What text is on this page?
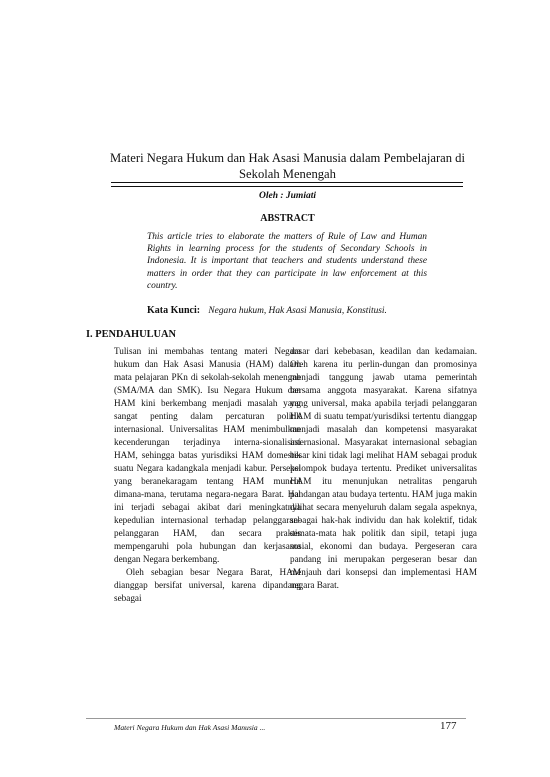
Materi Negara Hukum dan Hak Asasi Manusia dalam Pembelajaran di Sekolah Menengah
Oleh : Jumiati
ABSTRACT
This article tries to elaborate the matters of Rule of Law and Human Rights in learning process for the students of Secondary Schools in Indonesia. It is important that teachers and students understand these matters in order that they can participate in law enforcement at this country.
Kata Kunci: Negara hukum, Hak Asasi Manusia, Konstitusi.
I. PENDAHULUAN

Tulisan ini membahas tentang materi Negara hukum dan Hak Asasi Manusia (HAM) dalam mata pelajaran PKn di sekolah-sekolah menengah (SMA/MA dan SMK). Isu Negara Hukum dan HAM kini berkembang menjadi masalah yang sangat penting dalam percaturan politik internasional. Universalitas HAM menimbulkan kecenderungan terjadinya interna-sionalisasi HAM, sehingga batas yurisdiksi HAM domestik suatu Negara kadangkala menjadi kabur. Persepsi yang beranekaragam tentang HAM muncul dimana-mana, terutama negara-negara Barat. Hal ini terjadi sebagai akibat dari meningkatnya kepedulian internasional terhadap pelanggaran-pelanggaran HAM, dan secara praktis mempengaruhi pola hubungan dan kerjasama dengan Negara berkembang.

Oleh sebagian besar Negara Barat, HAM dianggap bersifat universal, karena dipandang sebagai

dasar dari kebebasan, keadilan dan kedamaian. Oleh karena itu perlin-dungan dan promosinya menjadi tanggung jawab utama pemerintah bersama anggota masyarakat. Karena sifatnya yang universal, maka apabila terjadi pelanggaran HAM di suatu tempat/yurisdiksi tertentu dianggap menjadi masalah dan kompetensi masyarakat internasional. Masyarakat internasional sebagian besar kini tidak lagi melihat HAM sebagai produk kelompok budaya tertentu. Prediket universalitas HAM itu menunjukan netralitas pengaruh pandangan atau budaya tertentu. HAM juga makin dilihat secara menyeluruh dalam segala aspeknya, sebagai hak-hak individu dan hak kolektif, tidak semata-mata hak politik dan sipil, tetapi juga sosial, ekonomi dan budaya. Pergeseran cara pandang ini merupakan pergeseran besar dan menjauh dari konsepsi dan implementasi HAM negara Barat.

Materi Negara Hukum dan Hak Asasi Manusia ...	177
